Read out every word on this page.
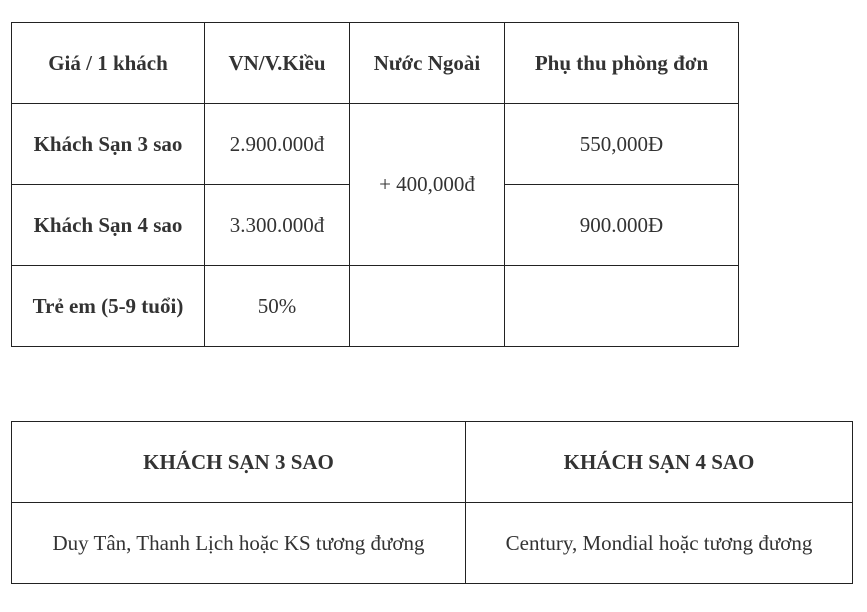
Giá / 1 khách	VN/V.Kiều	Nước Ngoài	Phụ thu phòng đơn
Khách Sạn 3 sao	2.900.000đ	+ 400,000đ	550,000Đ
Khách Sạn 4 sao	3.300.000đ		900.000Đ
Trẻ em (5-9 tuổi)	50%		
KHÁCH SẠN 3 SAO	KHÁCH SẠN 4 SAO
Duy Tân, Thanh Lịch hoặc KS tương đương	Century, Mondial hoặc tương đương
